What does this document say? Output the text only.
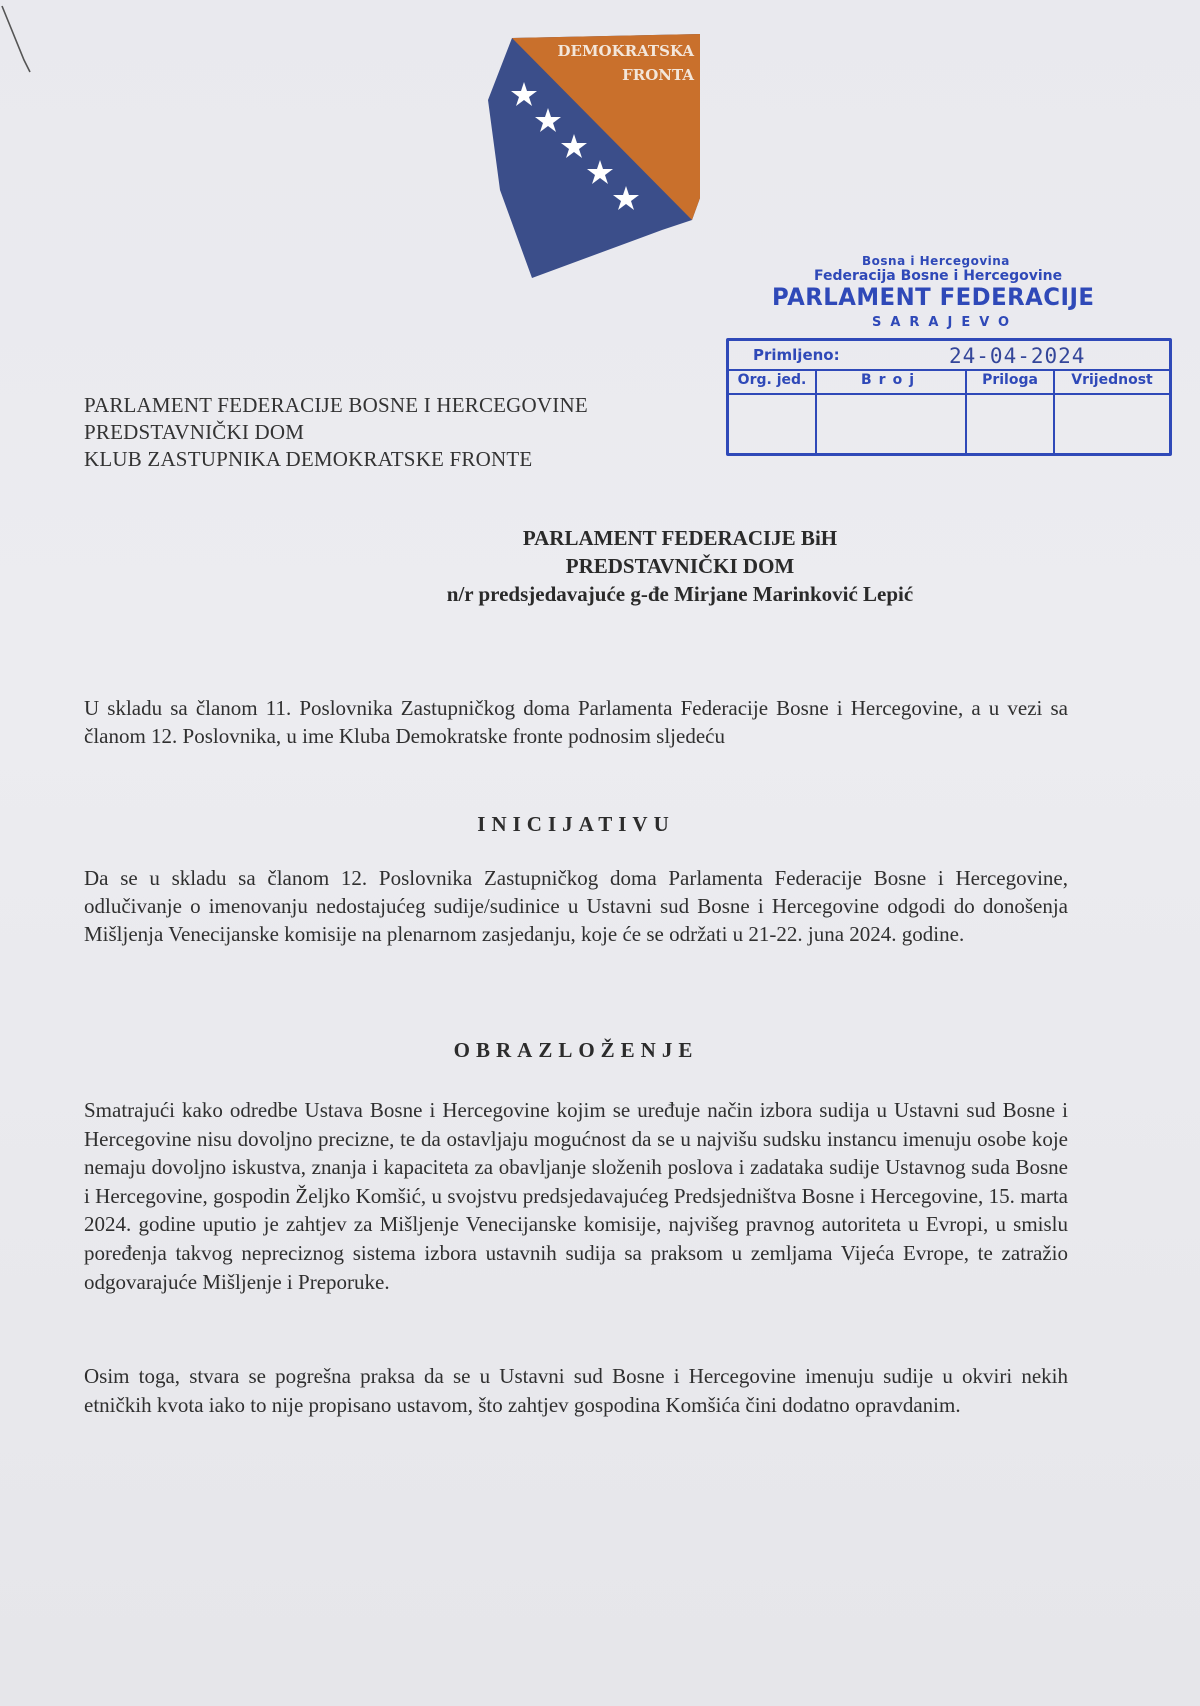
DEMOKRATSKA
FRONTA
Bosna i Hercegovina
Federacija Bosne i Hercegovine
PARLAMENT FEDERACIJE
SARAJEVO
Primljeno:	24-04-2024
Org. jed.	Broj	Priloga	Vrijednost
PARLAMENT FEDERACIJE BOSNE I HERCEGOVINE
PREDSTAVNIČKI DOM
KLUB ZASTUPNIKA DEMOKRATSKE FRONTE
PARLAMENT FEDERACIJE BiH
PREDSTAVNIČKI DOM
n/r predsjedavajuće g-đe Mirjane Marinković Lepić

U skladu sa članom 11. Poslovnika Zastupničkog doma Parlamenta Federacije Bosne i Hercegovine, a u vezi sa članom 12. Poslovnika, u ime Kluba Demokratske fronte podnosim sljedeću

INICIJATIVU

Da se u skladu sa članom 12. Poslovnika Zastupničkog doma Parlamenta Federacije Bosne i Hercegovine, odlučivanje o imenovanju nedostajućeg sudije/sudinice u Ustavni sud Bosne i Hercegovine odgodi do donošenja Mišljenja Venecijanske komisije na plenarnom zasjedanju, koje će se održati u 21-22. juna 2024. godine.

OBRAZLOŽENJE

Smatrajući kako odredbe Ustava Bosne i Hercegovine kojim se uređuje način izbora sudija u Ustavni sud Bosne i Hercegovine nisu dovoljno precizne, te da ostavljaju mogućnost da se u najvišu sudsku instancu imenuju osobe koje nemaju dovoljno iskustva, znanja i kapaciteta za obavljanje složenih poslova i zadataka sudije Ustavnog suda Bosne i Hercegovine, gospodin Željko Komšić, u svojstvu predsjedavajućeg Predsjedništva Bosne i Hercegovine, 15. marta 2024. godine uputio je zahtjev za Mišljenje Venecijanske komisije, najvišeg pravnog autoriteta u Evropi, u smislu poređenja takvog nepreciznog sistema izbora ustavnih sudija sa praksom u zemljama Vijeća Evrope, te zatražio odgovarajuće Mišljenje i Preporuke.

Osim toga, stvara se pogrešna praksa da se u Ustavni sud Bosne i Hercegovine imenuju sudije u okviri nekih etničkih kvota iako to nije propisano ustavom, što zahtjev gospodina Komšića čini dodatno opravdanim.
